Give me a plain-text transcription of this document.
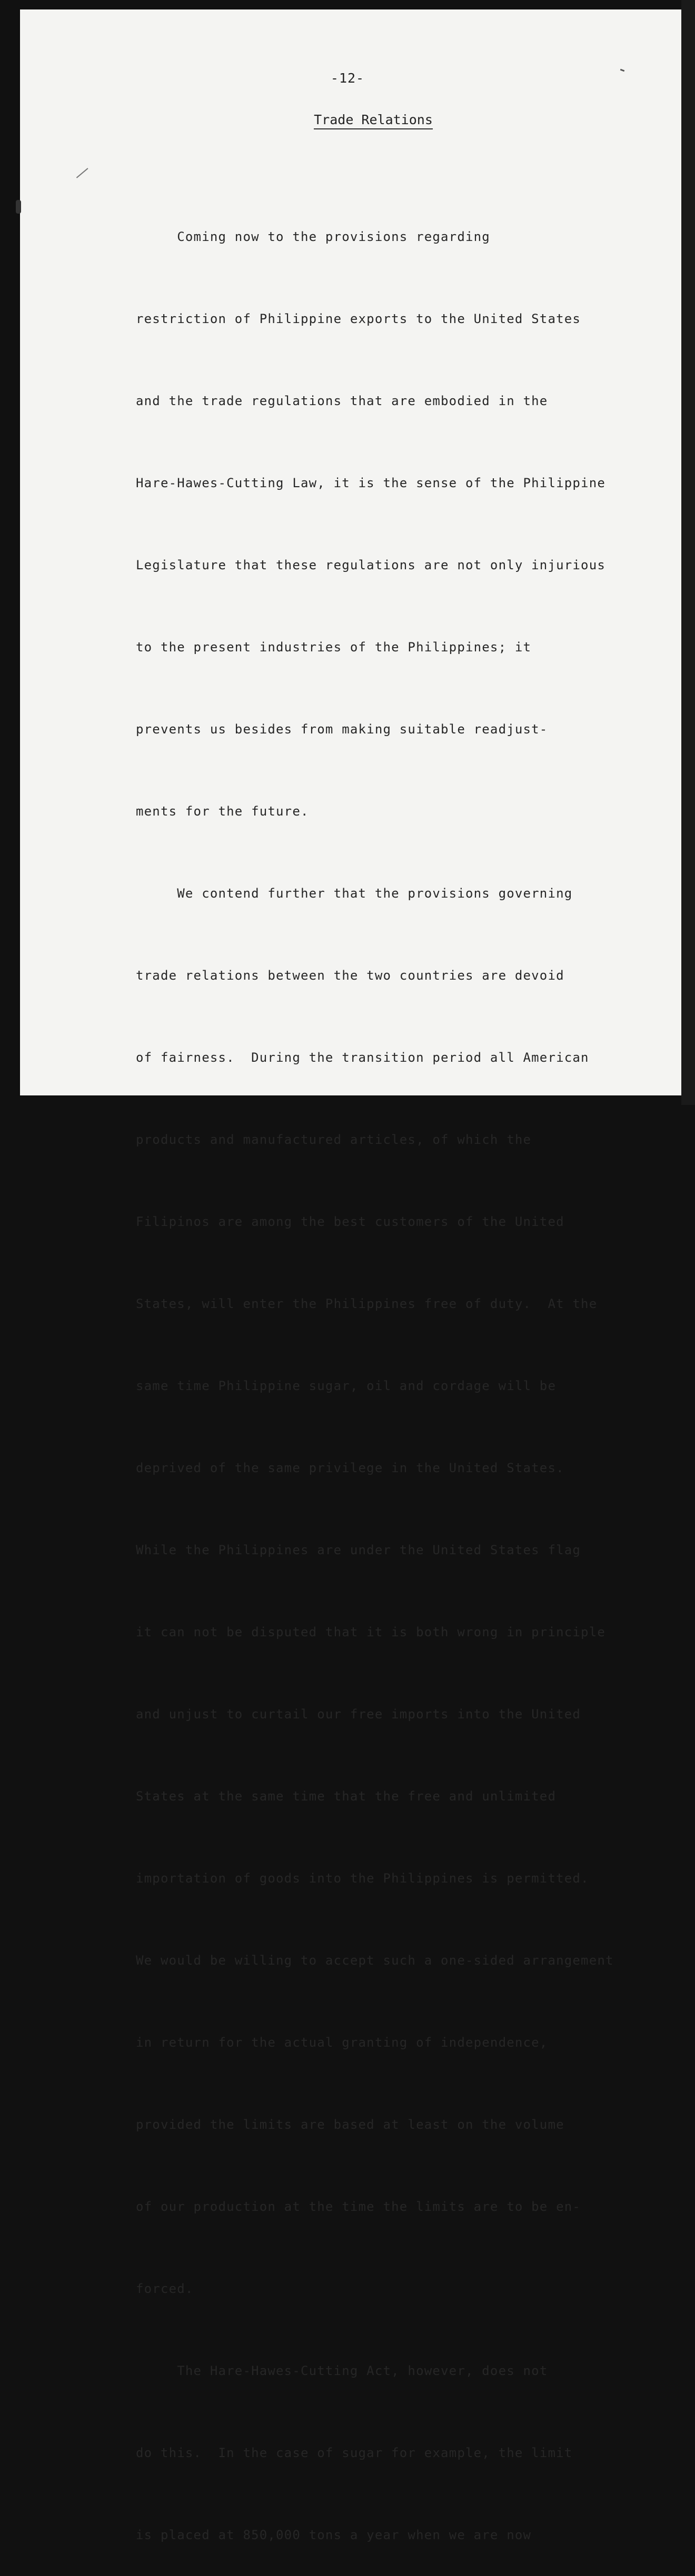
-12-
Trade Relations

Coming now to the provisions regarding

restriction of Philippine exports to the United States

and the trade regulations that are embodied in the

Hare-Hawes-Cutting Law, it is the sense of the Philippine

Legislature that these regulations are not only injurious

to the present industries of the Philippines; it

prevents us besides from making suitable readjust-

ments for the future.

We contend further that the provisions governing

trade relations between the two countries are devoid

of fairness.  During the transition period all American

products and manufactured articles, of which the

Filipinos are among the best customers of the United

States, will enter the Philippines free of duty.  At the

same time Philippine sugar, oil and cordage will be

deprived of the same privilege in the United States.

While the Philippines are under the United States flag

it can not be disputed that it is both wrong in principle

and unjust to curtail our free imports into the United

States at the same time that the free and unlimited

importation of goods into the Philippines is permitted.

We would be willing to accept such a one-sided arrangement

in return for the actual granting of independence,

provided the limits are based at least on the volume

of our production at the time the limits are to be en-

forced.

The Hare-Hawes-Cutting Act, however, does not

do this.  In the case of sugar for example, the limit

is placed at 850,000 tons a year when we are now
